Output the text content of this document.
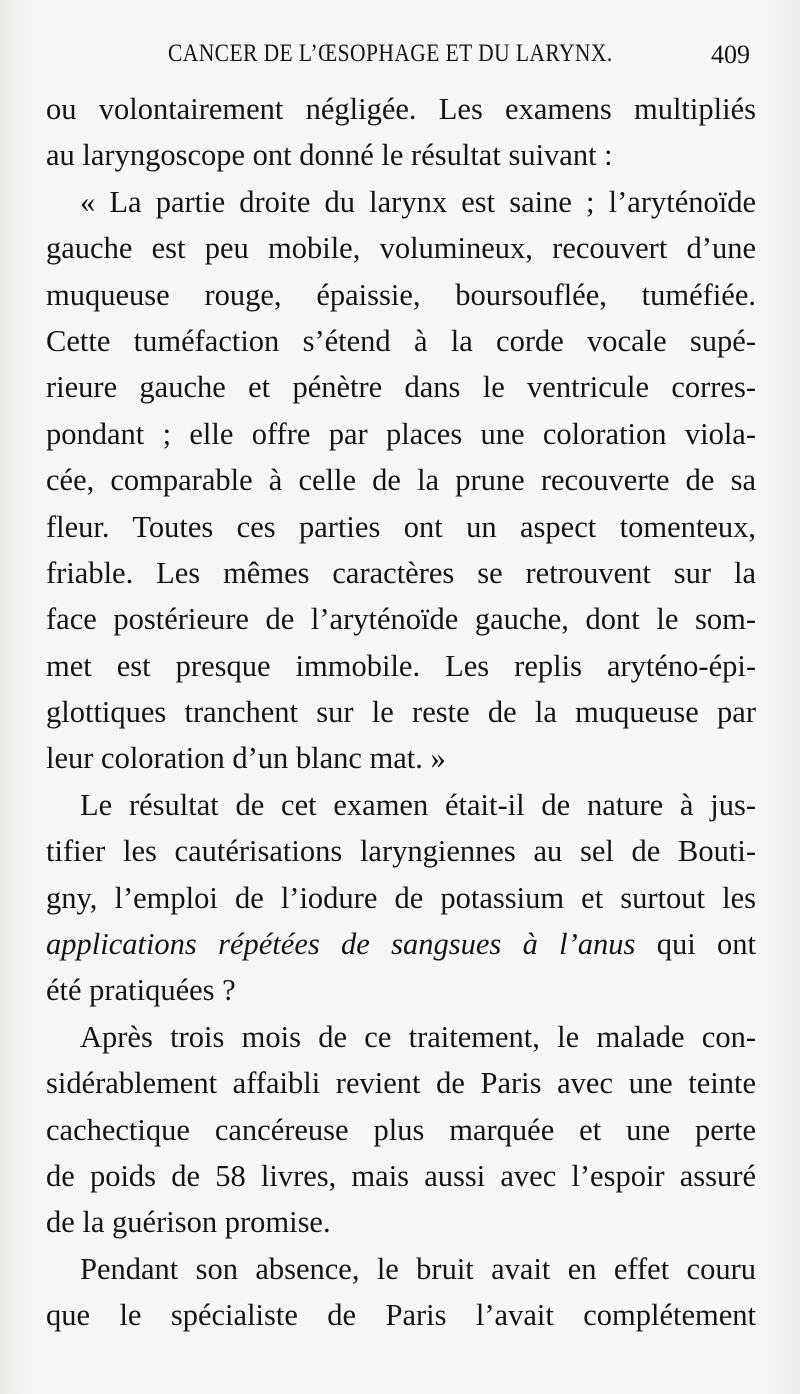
CANCER DE L’ŒSOPHAGE ET DU LARYNX.	409
ou volontairement négligée. Les examens multipliés
au laryngoscope ont donné le résultat suivant :
« La partie droite du larynx est saine ; l’aryténoïde
gauche est peu mobile, volumineux, recouvert d’une
muqueuse rouge, épaissie, boursouflée, tuméfiée.
Cette tuméfaction s’étend à la corde vocale supé-
rieure gauche et pénètre dans le ventricule corres-
pondant ; elle offre par places une coloration viola-
cée, comparable à celle de la prune recouverte de sa
fleur. Toutes ces parties ont un aspect tomenteux,
friable. Les mêmes caractères se retrouvent sur la
face postérieure de l’aryténoïde gauche, dont le som-
met est presque immobile. Les replis aryténo-épi-
glottiques tranchent sur le reste de la muqueuse par
leur coloration d’un blanc mat. »
Le résultat de cet examen était-il de nature à jus-
tifier les cautérisations laryngiennes au sel de Bouti-
gny, l’emploi de l’iodure de potassium et surtout les
applications répétées de sangsues à l’anus qui ont
été pratiquées ?
Après trois mois de ce traitement, le malade con-
sidérablement affaibli revient de Paris avec une teinte
cachectique cancéreuse plus marquée et une perte
de poids de 58 livres, mais aussi avec l’espoir assuré
de la guérison promise.
Pendant son absence, le bruit avait en effet couru
que le spécialiste de Paris l’avait complétement
